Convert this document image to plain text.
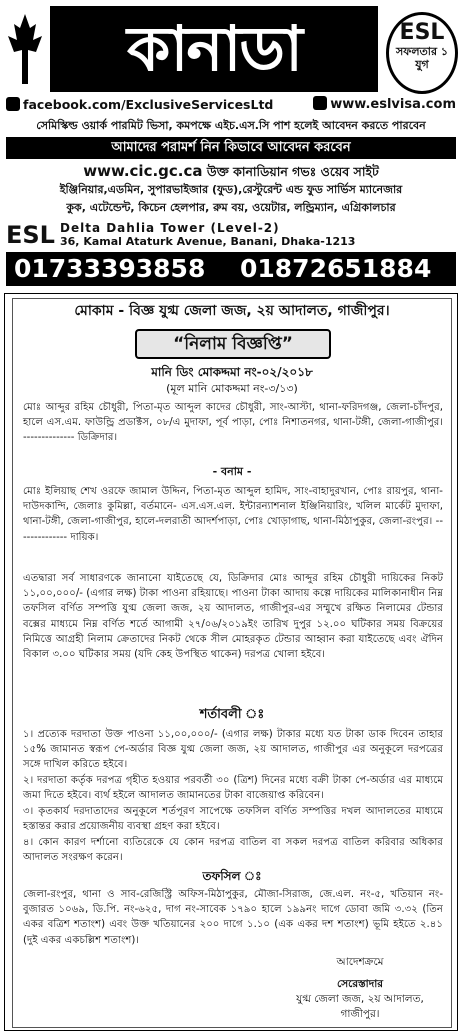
কানাডা	ESL
সফলতার ১ যুগ
facebook.com/ExclusiveServicesLtd	www.eslvisa.com
সেমিস্কিল্ড ওয়ার্ক পারমিট ভিসা, কমপক্ষে এইচ.এস.সি পাশ হলেই আবেদন করতে পারবেন
আমাদের পরামর্শ নিন কিভাবে আবেদন করবেন
www.cic.gc.ca উক্ত কানাডিয়ান গভঃ ওয়েব সাইট
ইঞ্জিনিয়ার,এডমিন, সুপারভাইজার (ফুড),রেস্টুরেন্ট এন্ড ফুড সার্ভিস ম্যানেজার
কুক, এটেন্ডেন্ট, কিচেন হেলপার, রুম বয়, ওয়েটার, লন্ড্রিম্যান, এগ্রিকালচার
ESL Delta Dahlia Tower (Level-2)
36, Kamal Ataturk Avenue, Banani, Dhaka-1213
01733393858 01872651884
মোকাম - বিজ্ঞ যুগ্ম জেলা জজ, ২য় আদালত, গাজীপুর।
“নিলাম বিজ্ঞপ্তি”
মানি ডিং মোকদ্দমা নং-০২/২০১৮
(মূল মানি মোকদ্দমা নং-৩/১৩)
মোঃ আব্দুর রহিম চৌধুরী, পিতা-মৃত আব্দুল কাদের চৌধুরী, সাং-আস্টা, থানা-ফরিদগঞ্জ, জেলা-চাঁদপুর, হালে এস.এম. ফাউন্ড্রি প্রডাক্টস, ০৮/এ মুদাফা, পূর্ব পাড়া, পোঃ নিশাতনগর, থানা-টঙ্গী, জেলা-গাজীপুর। -------------- ডিক্রিদার।
- বনাম -
মোঃ ইলিয়াছ শেখ ওরফে জামাল উদ্দিন, পিতা-মৃত আব্দুল হামিদ, সাং-বাহাদুরখান, পোঃ রায়পুর, থানা-দাউদকান্দি, জেলাঃ কুমিল্লা, বর্তমানে- এস.এস.এল. ইন্টারন্যাশনাল ইঞ্জিনিয়ারিং, খলিল মার্কেট মুদাফা, থানা-টঙ্গী, জেলা-গাজীপুর, হালে-দলরাতী আদর্শপাড়া, পোঃ খোড়াগাছ, থানা-মিঠাপুকুর, জেলা-রংপুর। -------------- দায়িক।
এতদ্বারা সর্ব সাধারণকে জানানো যাইতেছে যে, ডিক্রিদার মোঃ আব্দুর রহিম চৌধুরী দায়িকের নিকট ১১,০০,০০০/- (এগার লক্ষ) টাকা পাওনা রহিয়াছে। পাওনা টাকা আদায় কল্পে দায়িকের মালিকানাধীন নিম্ন তফসিল বর্ণিত সম্পত্তি যুগ্ম জেলা জজ, ২য় আদালত, গাজীপুর-এর সম্মুখে রক্ষিত নিলামের টেন্ডার বক্সের মাধ্যমে নিম্ন বর্ণিত শর্তে আগামী ২৭/০৬/২০১৯ইং তারিখ দুপুর ১২.০০ ঘটিকার সময় বিক্রয়ের নিমিত্তে আগ্রহী নিলাম ক্রেতাদের নিকট থেকে সীল মোহরকৃত টেন্ডার আহ্বান করা যাইতেছে এবং ঐদিন বিকাল ৩.০০ ঘটিকার সময় (যদি কেহ উপস্থিত থাকেন) দরপত্র খোলা হইবে।
শর্তাবলী ঃ
১। প্রত্যেক দরদাতা উক্ত পাওনা ১১,০০,০০০/- (এগার লক্ষ) টাকার মধ্যে যত টাকা ডাক দিবেন তাহার ১৫% জামানত স্বরূপ পে-অর্ডার বিজ্ঞ যুগ্ম জেলা জজ, ২য় আদালত, গাজীপুর এর অনুকূলে দরপত্রের সঙ্গে দাখিল করিতে হইবে।
২। দরদাতা কর্তৃক দরপত্র গৃহীত হওয়ার পরবর্তী ৩০ (ত্রিশ) দিনের মধ্যে বক্রী টাকা পে-অর্ডার এর মাধ্যমে জমা দিতে হইবে। ব্যর্থ হইলে আদালত জামানতের টাকা বাজেয়াপ্ত করিবেন।
৩। কৃতকার্য দরদাতাদের অনুকূলে শর্তপূরণ সাপেক্ষে তফসিল বর্ণিত সম্পত্তির দখল আদালতের মাধ্যমে হস্তান্তর করার প্রয়োজনীয় ব্যবস্থা গ্রহণ করা হইবে।
৪। কোন কারণ দর্শানো ব্যতিরেকে যে কোন দরপত্র বাতিল বা সকল দরপত্র বাতিল করিবার অধিকার আদালত সংরক্ষণ করেন।
তফসিল ঃ
জেলা-রংপুর, থানা ও সাব-রেজিস্ট্রি অফিস-মিঠাপুকুর, মৌজা-সিরাজ, জে.এল. নং-৫, খতিয়ান নং-বুজারত ১০৬৯, ডি.পি. নং-৬২৫, দাগ নং-সাবেক ১৭৯০ হালে ১৯৯নং দাগে ডোবা জমি ৩.৩২ (তিন একর বত্রিশ শতাংশ) এবং উক্ত খতিয়ানের ২০০ দাগে ১.১০ (এক একর দশ শতাংশ) ভূমি হইতে ২.৪১ (দুই একর একচল্লিশ শতাংশ)।
আদেশক্রমে
সেরেস্তাদার
যুগ্ম জেলা জজ, ২য় আদালত,
গাজীপুর।
